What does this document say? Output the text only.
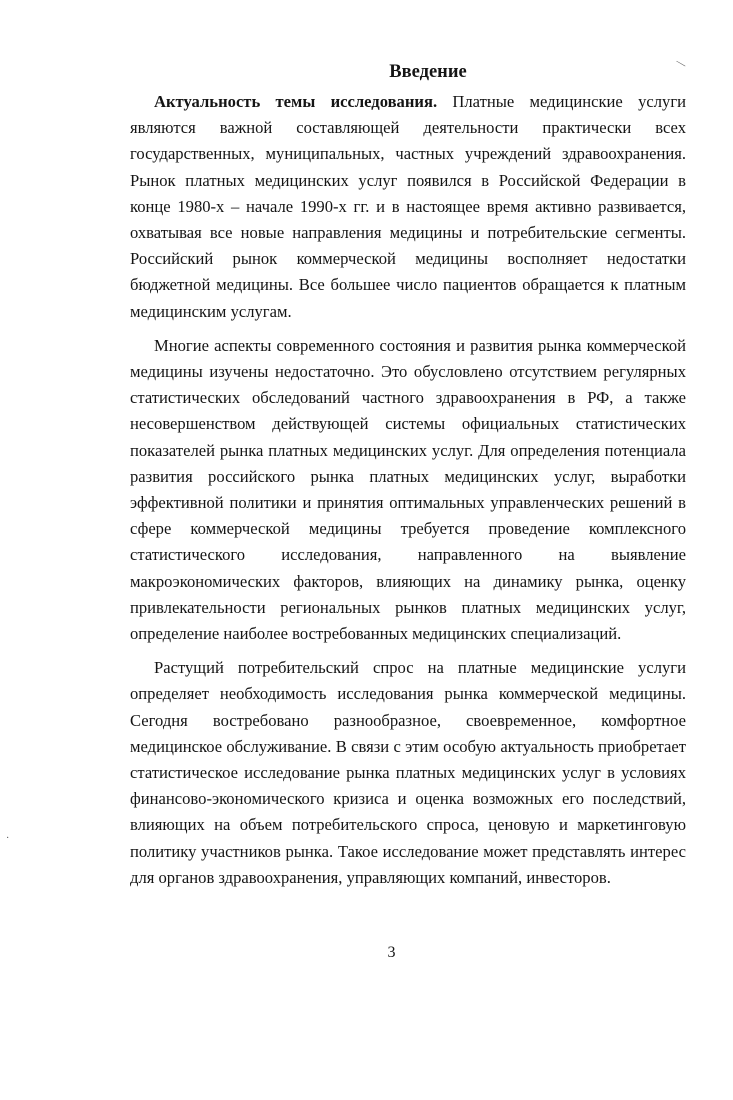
Введение

Актуальность темы исследования. Платные медицинские услуги являются важной составляющей деятельности практически всех государственных, муниципальных, частных учреждений здравоохранения. Рынок платных медицинских услуг появился в Российской Федерации в конце 1980-х – начале 1990-х гг. и в настоящее время активно развивается, охватывая все новые направления медицины и потребительские сегменты. Российский рынок коммерческой медицины восполняет недостатки бюджетной медицины. Все большее число пациентов обращается к платным медицинским услугам.

Многие аспекты современного состояния и развития рынка коммерческой медицины изучены недостаточно. Это обусловлено отсутствием регулярных статистических обследований частного здравоохранения в РФ, а также несовершенством действующей системы официальных статистических показателей рынка платных медицинских услуг. Для определения потенциала развития российского рынка платных медицинских услуг, выработки эффективной политики и принятия оптимальных управленческих решений в сфере коммерческой медицины требуется проведение комплексного статистического исследования, направленного на выявление макроэкономических факторов, влияющих на динамику рынка, оценку привлекательности региональных рынков платных медицинских услуг, определение наиболее востребованных медицинских специализаций.

Растущий потребительский спрос на платные медицинские услуги определяет необходимость исследования рынка коммерческой медицины. Сегодня востребовано разнообразное, своевременное, комфортное медицинское обслуживание. В связи с этим особую актуальность приобретает статистическое исследование рынка платных медицинских услуг в условиях финансово-экономического кризиса и оценка возможных его последствий, влияющих на объем потребительского спроса, ценовую и маркетинговую политику участников рынка. Такое исследование может представлять интерес для органов здравоохранения, управляющих компаний, инвесторов.

3
—
·
